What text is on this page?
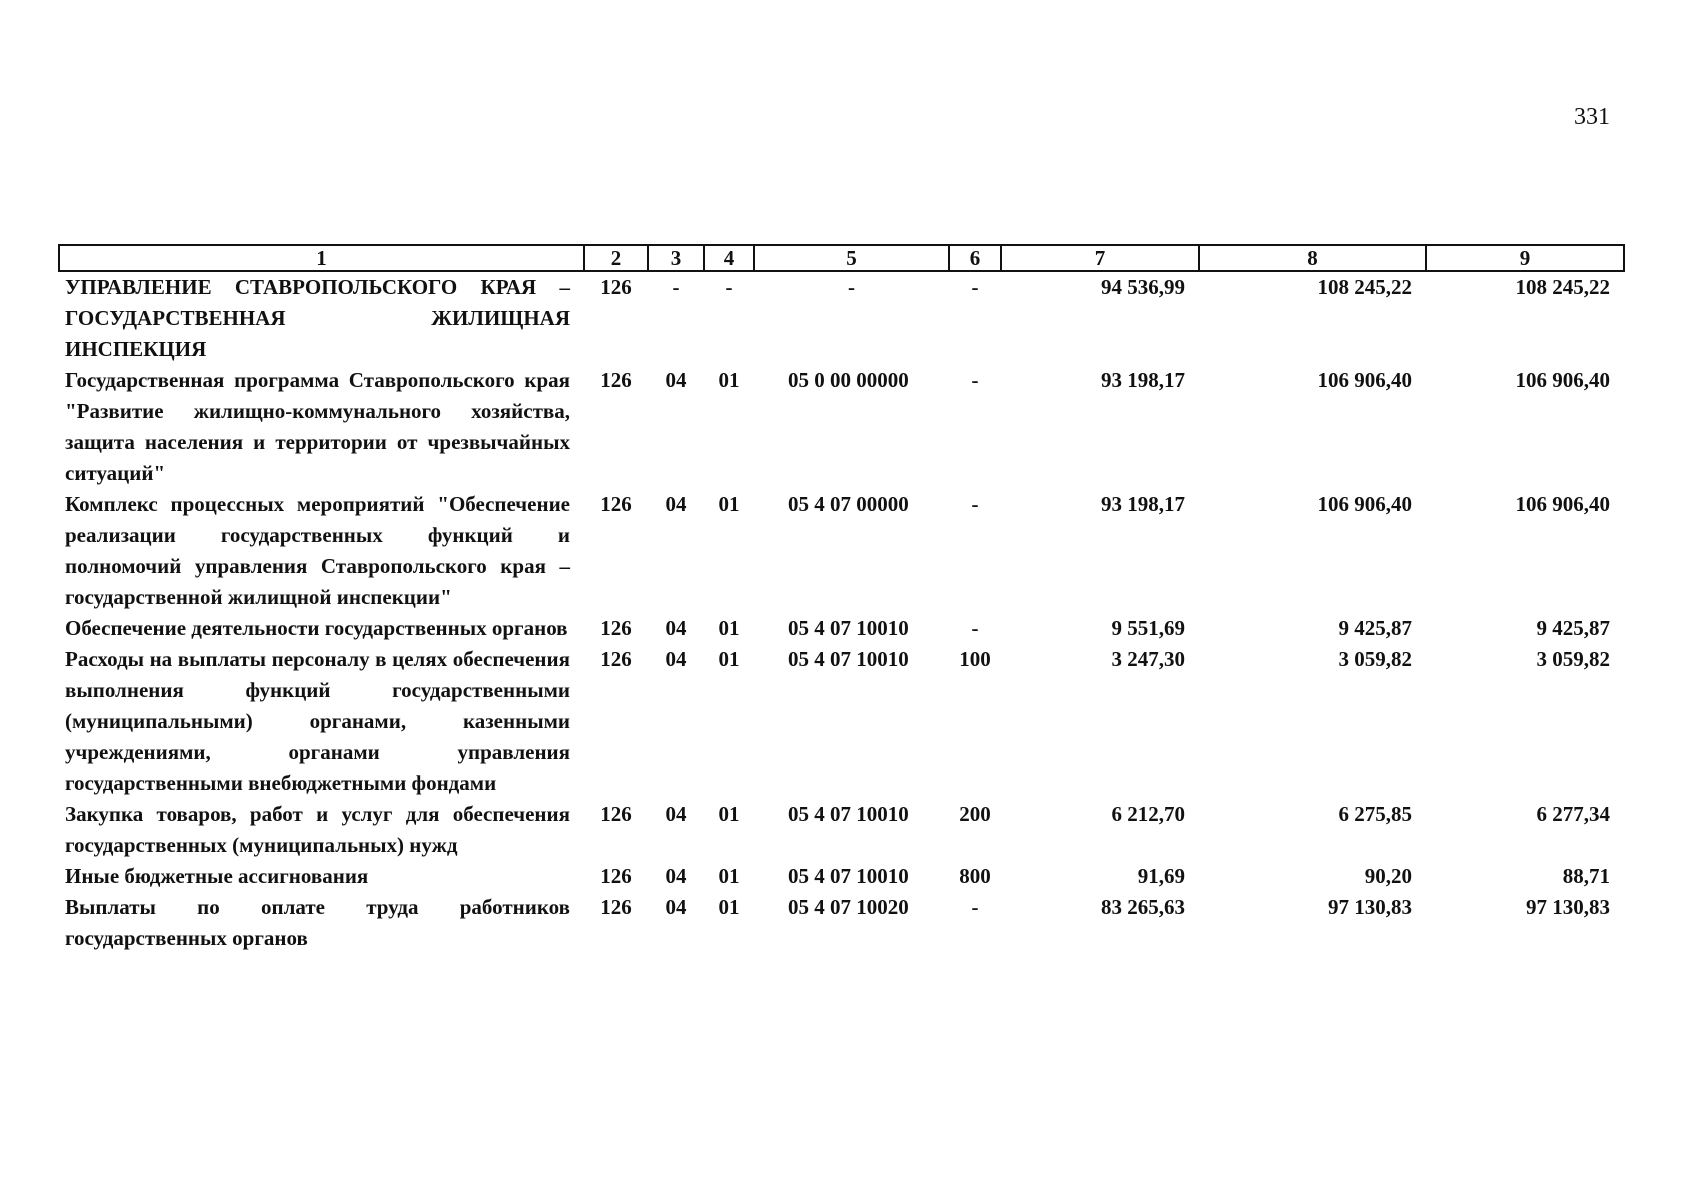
331
1	2	3	4	5	6	7	8	9
УПРАВЛЕНИЕ СТАВРОПОЛЬСКОГО КРАЯ – ГОСУДАРСТВЕННАЯ ЖИЛИЩНАЯ ИНСПЕКЦИЯ	126	-	-	-	-	94 536,99	108 245,22	108 245,22
Государственная программа Ставропольского края "Развитие жилищно-коммунального хозяйства, защита населения и территории от чрезвычайных ситуаций"	126	04	01	05 0 00 00000	-	93 198,17	106 906,40	106 906,40
Комплекс процессных мероприятий "Обеспечение реализации государственных функций и полномочий управления Ставропольского края – государственной жилищной инспекции"	126	04	01	05 4 07 00000	-	93 198,17	106 906,40	106 906,40
Обеспечение деятельности государственных органов	126	04	01	05 4 07 10010	-	9 551,69	9 425,87	9 425,87
Расходы на выплаты персоналу в целях обеспечения выполнения функций государственными (муниципальными) органами, казенными учреждениями, органами управления государственными внебюджетными фондами	126	04	01	05 4 07 10010	100	3 247,30	3 059,82	3 059,82
Закупка товаров, работ и услуг для обеспечения государственных (муниципальных) нужд	126	04	01	05 4 07 10010	200	6 212,70	6 275,85	6 277,34
Иные бюджетные ассигнования	126	04	01	05 4 07 10010	800	91,69	90,20	88,71
Выплаты по оплате труда работников государственных органов	126	04	01	05 4 07 10020	-	83 265,63	97 130,83	97 130,83
